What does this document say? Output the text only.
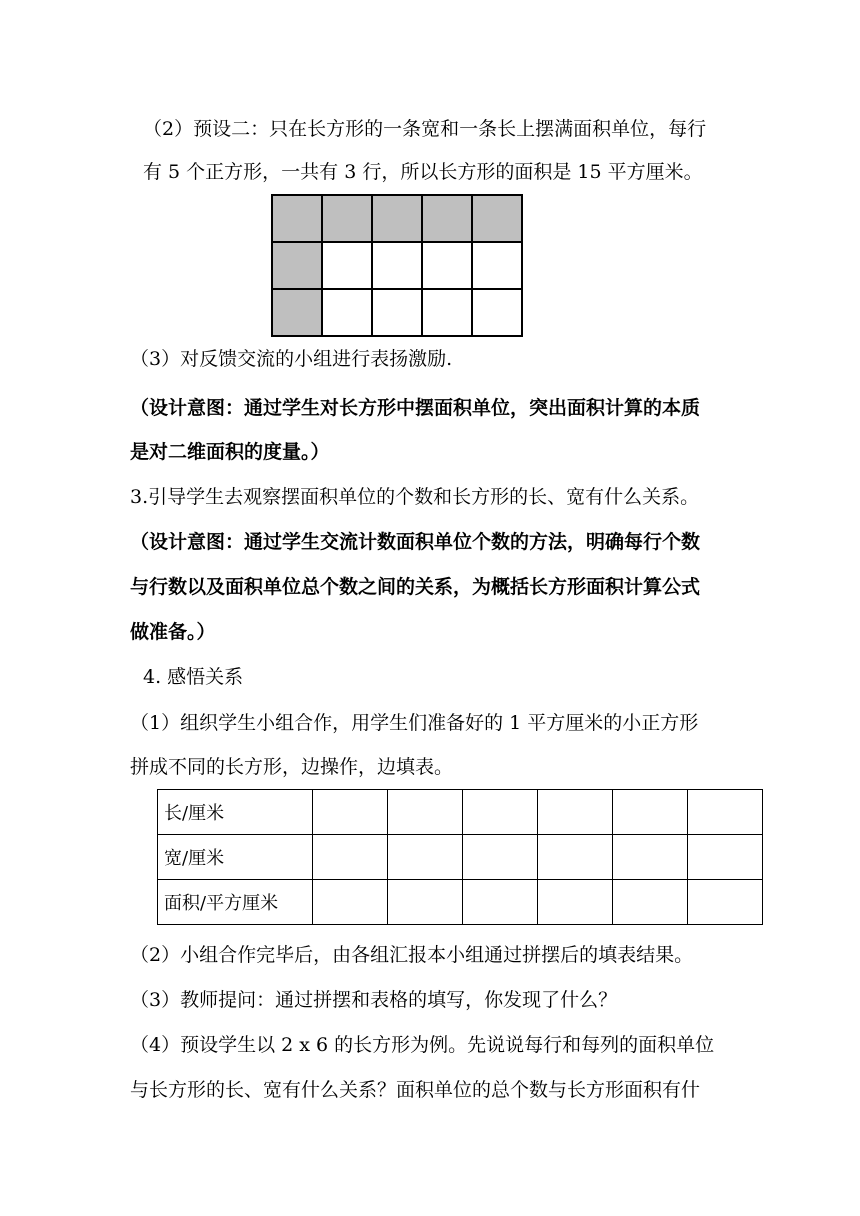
（2）预设二：只在长方形的一条宽和一条长上摆满面积单位，每行
有 5 个正方形，一共有 3 行，所以长方形的面积是 15 平方厘米。

（3）对反馈交流的小组进行表扬激励.
（设计意图：通过学生对长方形中摆面积单位，突出面积计算的本质
是对二维面积的度量。）
3.引导学生去观察摆面积单位的个数和长方形的长、宽有什么关系。
（设计意图：通过学生交流计数面积单位个数的方法，明确每行个数
与行数以及面积单位总个数之间的关系，为概括长方形面积计算公式
做准备。）
4. 感悟关系
（1）组织学生小组合作，用学生们准备好的 1 平方厘米的小正方形
拼成不同的长方形，边操作，边填表。
长/厘米						
宽/厘米						
面积/平方厘米						
（2）小组合作完毕后，由各组汇报本小组通过拼摆后的填表结果。
（3）教师提问：通过拼摆和表格的填写，你发现了什么？
（4）预设学生以 2 x 6 的长方形为例。先说说每行和每列的面积单位
与长方形的长、宽有什么关系？面积单位的总个数与长方形面积有什
